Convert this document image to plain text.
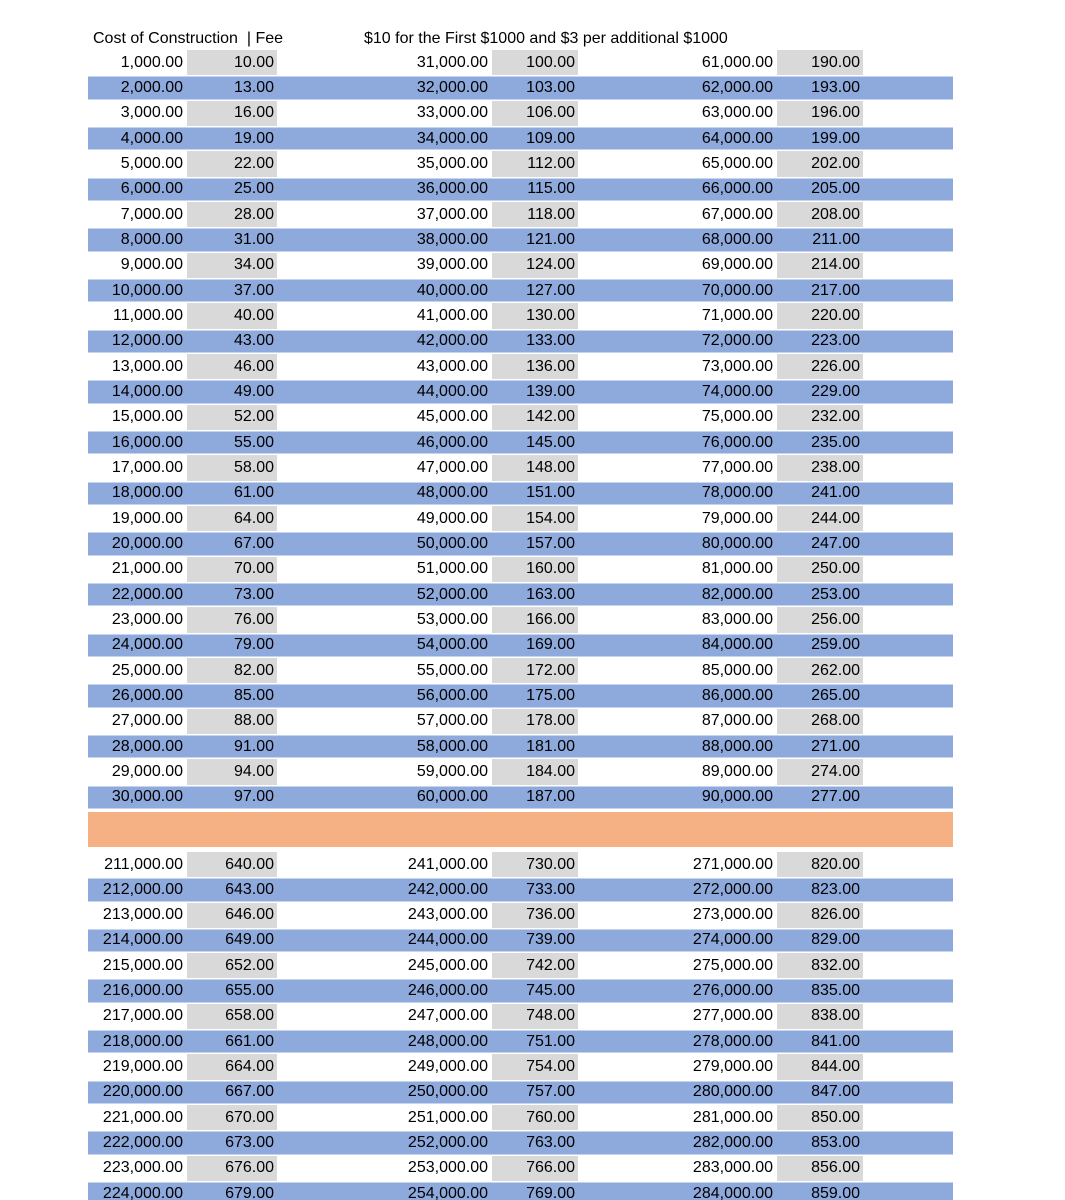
Cost of Construction  | Fee

	$10 for the First $1000 and $3 per additional $1000

1,000.00	10.00	31,000.00	100.00	61,000.00	190.00
2,000.00	13.00	32,000.00	103.00	62,000.00	193.00
3,000.00	16.00	33,000.00	106.00	63,000.00	196.00
4,000.00	19.00	34,000.00	109.00	64,000.00	199.00
5,000.00	22.00	35,000.00	112.00	65,000.00	202.00
6,000.00	25.00	36,000.00	115.00	66,000.00	205.00
7,000.00	28.00	37,000.00	118.00	67,000.00	208.00
8,000.00	31.00	38,000.00	121.00	68,000.00	211.00
9,000.00	34.00	39,000.00	124.00	69,000.00	214.00
10,000.00	37.00	40,000.00	127.00	70,000.00	217.00
11,000.00	40.00	41,000.00	130.00	71,000.00	220.00
12,000.00	43.00	42,000.00	133.00	72,000.00	223.00
13,000.00	46.00	43,000.00	136.00	73,000.00	226.00
14,000.00	49.00	44,000.00	139.00	74,000.00	229.00
15,000.00	52.00	45,000.00	142.00	75,000.00	232.00
16,000.00	55.00	46,000.00	145.00	76,000.00	235.00
17,000.00	58.00	47,000.00	148.00	77,000.00	238.00
18,000.00	61.00	48,000.00	151.00	78,000.00	241.00
19,000.00	64.00	49,000.00	154.00	79,000.00	244.00
20,000.00	67.00	50,000.00	157.00	80,000.00	247.00
21,000.00	70.00	51,000.00	160.00	81,000.00	250.00
22,000.00	73.00	52,000.00	163.00	82,000.00	253.00
23,000.00	76.00	53,000.00	166.00	83,000.00	256.00
24,000.00	79.00	54,000.00	169.00	84,000.00	259.00
25,000.00	82.00	55,000.00	172.00	85,000.00	262.00
26,000.00	85.00	56,000.00	175.00	86,000.00	265.00
27,000.00	88.00	57,000.00	178.00	87,000.00	268.00
28,000.00	91.00	58,000.00	181.00	88,000.00	271.00
29,000.00	94.00	59,000.00	184.00	89,000.00	274.00
30,000.00	97.00	60,000.00	187.00	90,000.00	277.00
211,000.00	640.00	241,000.00	730.00	271,000.00	820.00
212,000.00	643.00	242,000.00	733.00	272,000.00	823.00
213,000.00	646.00	243,000.00	736.00	273,000.00	826.00
214,000.00	649.00	244,000.00	739.00	274,000.00	829.00
215,000.00	652.00	245,000.00	742.00	275,000.00	832.00
216,000.00	655.00	246,000.00	745.00	276,000.00	835.00
217,000.00	658.00	247,000.00	748.00	277,000.00	838.00
218,000.00	661.00	248,000.00	751.00	278,000.00	841.00
219,000.00	664.00	249,000.00	754.00	279,000.00	844.00
220,000.00	667.00	250,000.00	757.00	280,000.00	847.00
221,000.00	670.00	251,000.00	760.00	281,000.00	850.00
222,000.00	673.00	252,000.00	763.00	282,000.00	853.00
223,000.00	676.00	253,000.00	766.00	283,000.00	856.00
224,000.00	679.00	254,000.00	769.00	284,000.00	859.00
